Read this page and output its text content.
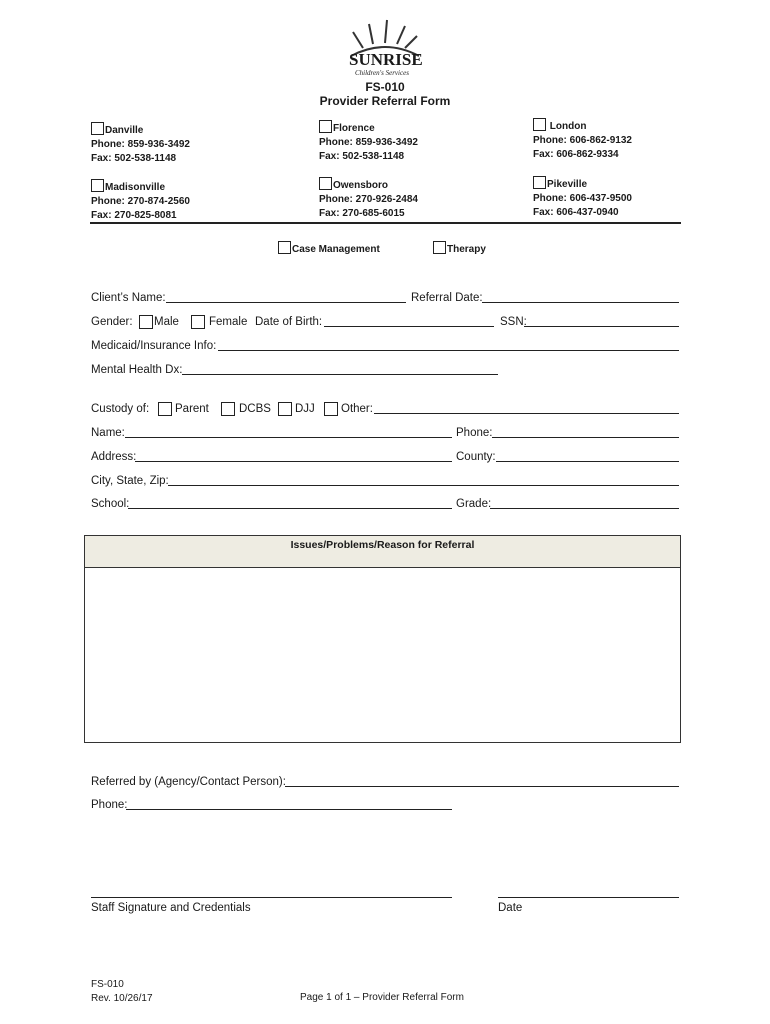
SUNRISE
Children's Services
FS-010
Provider Referral Form
Danville
Phone: 859-936-3492
Fax: 502-538-1148
Florence
Phone: 859-936-3492
Fax: 502-538-1148
London
Phone: 606-862-9132
Fax: 606-862-9334
Madisonville
Phone: 270-874-2560
Fax: 270-825-8081
Owensboro
Phone: 270-926-2484
Fax: 270-685-6015
Pikeville
Phone: 606-437-9500
Fax: 606-437-0940
Case Management	Therapy
Client’s Name:	Referral Date:
Gender: Male	Female Date of Birth:	SSN:
Medicaid/Insurance Info:
Mental Health Dx:
Custody of: Parent	DCBS DJJ Other:
Name:	Phone:
Address:	County:
City, State, Zip:
School:	Grade:
Issues/Problems/Reason for Referral
Referred by (Agency/Contact Person):
Phone:
Staff Signature and Credentials	Date
FS-010
Rev. 10/26/17	Page 1 of 1 – Provider Referral Form
